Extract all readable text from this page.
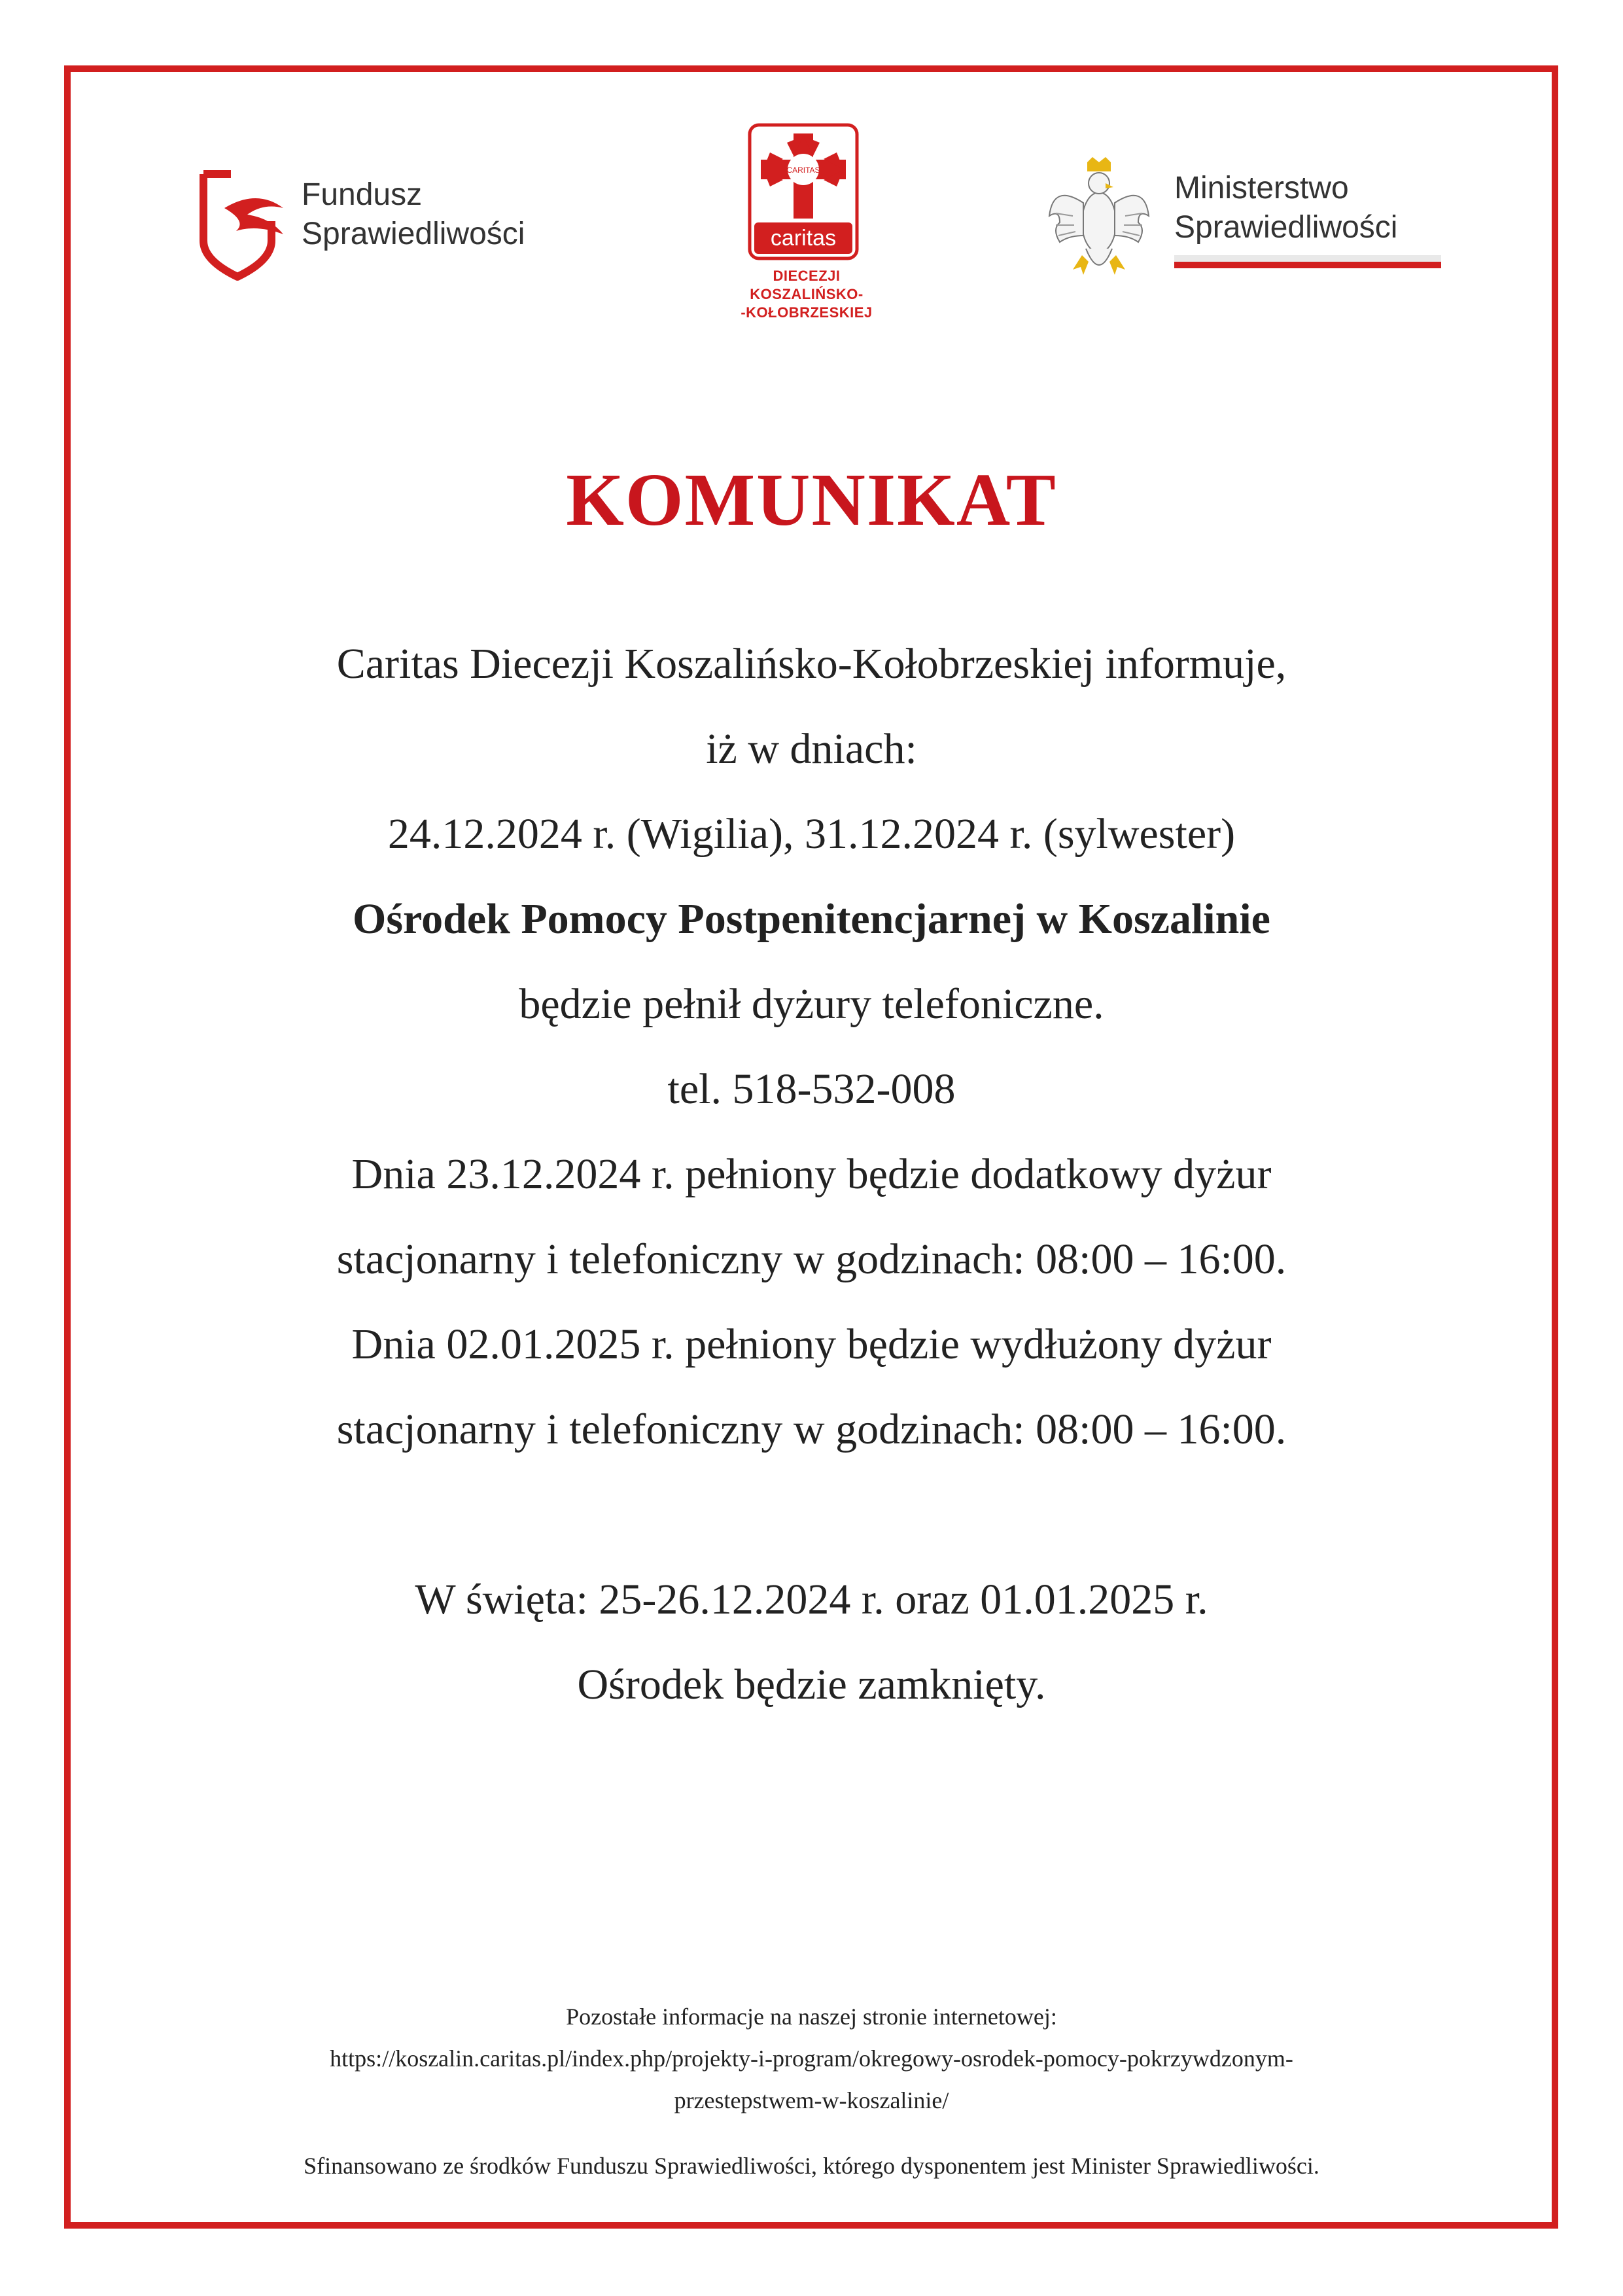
Fundusz
Sprawiedliwości
CARITAS
caritas
DIECEZJI
KOSZALIŃSKO-
-KOŁOBRZESKIEJ
Ministerstwo
Sprawiedliwości
KOMUNIKAT

Caritas Diecezji Koszalińsko-Kołobrzeskiej informuje,

iż w dniach:

24.12.2024 r. (Wigilia), 31.12.2024 r. (sylwester)

Ośrodek Pomocy Postpenitencjarnej w Koszalinie

będzie pełnił dyżury telefoniczne.

tel. 518-532-008

Dnia 23.12.2024 r. pełniony będzie dodatkowy dyżur

stacjonarny i telefoniczny w godzinach: 08:00 – 16:00.

Dnia 02.01.2025 r. pełniony będzie wydłużony dyżur

stacjonarny i telefoniczny w godzinach: 08:00 – 16:00.

W święta: 25-26.12.2024 r. oraz 01.01.2025 r.

Ośrodek będzie zamknięty.

Pozostałe informacje na naszej stronie internetowej:

https://koszalin.caritas.pl/index.php/projekty-i-program/okregowy-osrodek-pomocy-pokrzywdzonym-

przestepstwem-w-koszalinie/

Sfinansowano ze środków Funduszu Sprawiedliwości, którego dysponentem jest Minister Sprawiedliwości.
